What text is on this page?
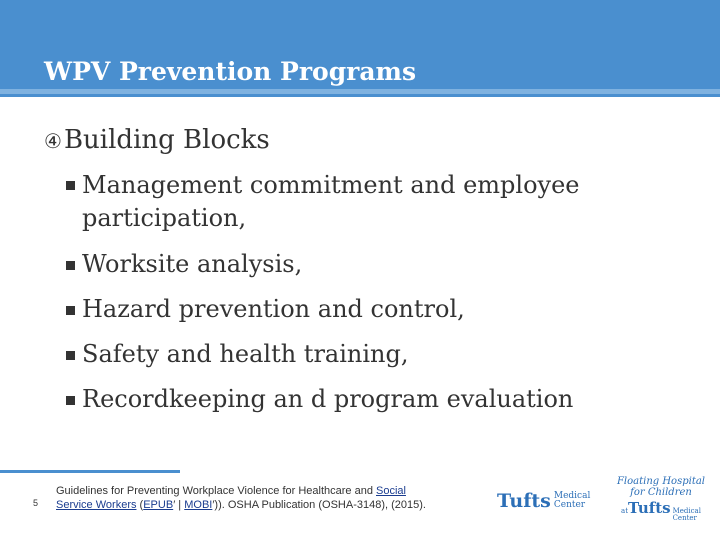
WPV Prevention Programs
④ Building Blocks
Management commitment and employee
participation,
Worksite analysis,
Hazard prevention and control,
Safety and health training,
Recordkeeping an d program evaluation
5
Guidelines for Preventing Workplace Violence for Healthcare and Social Service Workers (EPUB′ | MOBI′)). OSHA Publication (OSHA-3148), (2015).	Tufts Medical
Center
Floating Hospital
for Children
at Tufts Medical
Center
